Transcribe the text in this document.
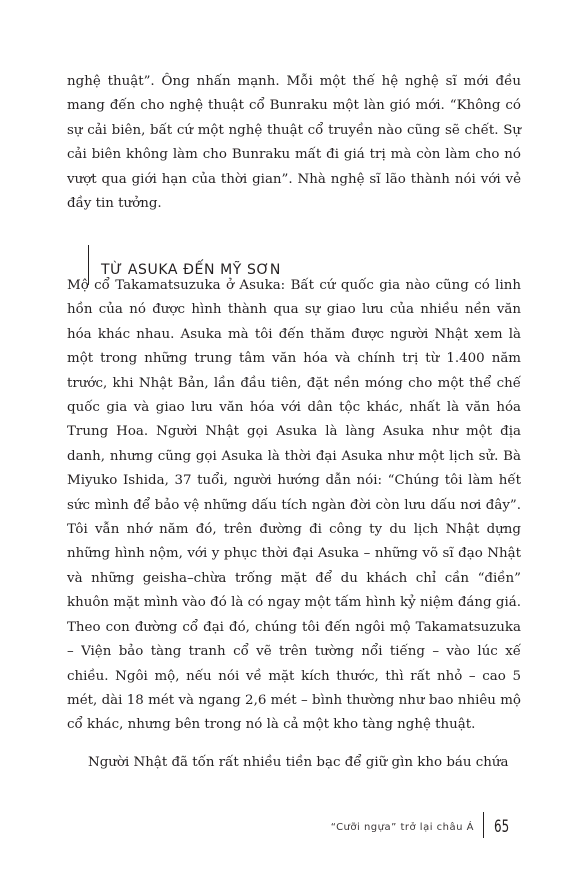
nghệ thuật”. Ông nhấn mạnh. Mỗi một thế hệ nghệ sĩ mới đều mang đến cho nghệ thuật cổ Bunraku một làn gió mới. “Không có sự cải biên, bất cứ một nghệ thuật cổ truyền nào cũng sẽ chết. Sự cải biên không làm cho Bunraku mất đi giá trị mà còn làm cho nó vượt qua giới hạn của thời gian”. Nhà nghệ sĩ lão thành nói với vẻ đầy tin tưởng.

TỪ ASUKA ĐẾN MỸ SƠN

Mộ cổ Takamatsuzuka ở Asuka: Bất cứ quốc gia nào cũng có linh hồn của nó được hình thành qua sự giao lưu của nhiều nền văn hóa khác nhau. Asuka mà tôi đến thăm được người Nhật xem là một trong những trung tâm văn hóa và chính trị từ 1.400 năm trước, khi Nhật Bản, lần đầu tiên, đặt nền móng cho một thể chế quốc gia và giao lưu văn hóa với dân tộc khác, nhất là văn hóa Trung Hoa. Người Nhật gọi Asuka là làng Asuka như một địa danh, nhưng cũng gọi Asuka là thời đại Asuka như một lịch sử. Bà Miyuko Ishida, 37 tuổi, người hướng dẫn nói: “Chúng tôi làm hết sức mình để bảo vệ những dấu tích ngàn đời còn lưu dấu nơi đây”. Tôi vẫn nhớ năm đó, trên đường đi công ty du lịch Nhật dựng những hình nộm, với y phục thời đại Asuka – những võ sĩ đạo Nhật và những geisha–chừa trống mặt để du khách chỉ cần “điền” khuôn mặt mình vào đó là có ngay một tấm hình kỷ niệm đáng giá. Theo con đường cổ đại đó, chúng tôi đến ngôi mộ Takamatsuzuka – Viện bảo tàng tranh cổ vẽ trên tường nổi tiếng – vào lúc xế chiều. Ngôi mộ, nếu nói về mặt kích thước, thì rất nhỏ – cao 5 mét, dài 18 mét và ngang 2,6 mét – bình thường như bao nhiêu mộ cổ khác, nhưng bên trong nó là cả một kho tàng nghệ thuật.

Người Nhật đã tốn rất nhiều tiền bạc để giữ gìn kho báu chứa

“Cưỡi ngựa” trở lại châu Á 65
